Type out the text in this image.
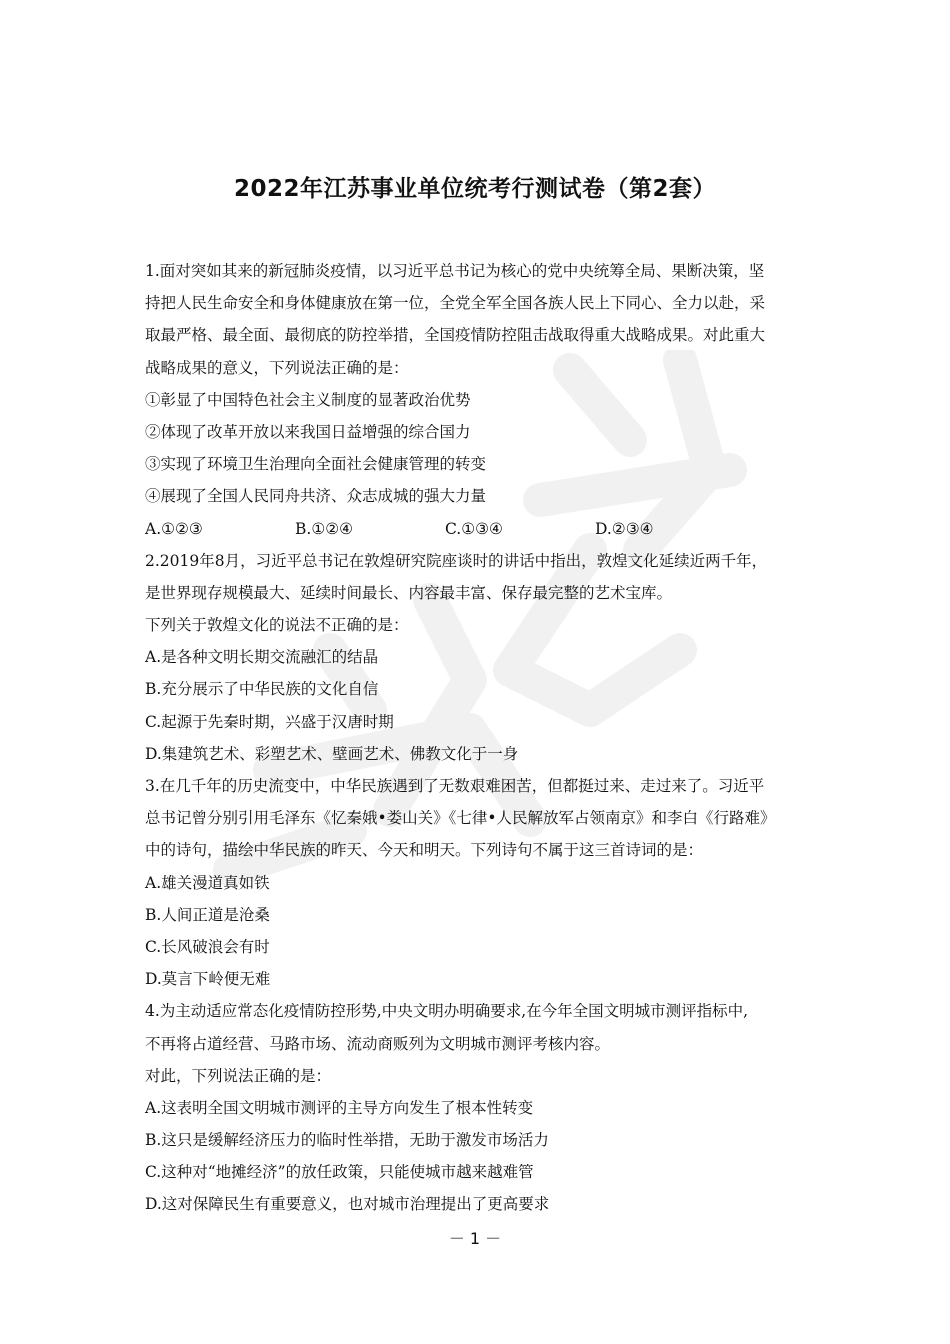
2022年江苏事业单位统考行测试卷（第2套）
1.面对突如其来的新冠肺炎疫情，以习近平总书记为核心的党中央统筹全局、果断决策，坚
持把人民生命安全和身体健康放在第一位，全党全军全国各族人民上下同心、全力以赴，采
取最严格、最全面、最彻底的防控举措，全国疫情防控阻击战取得重大战略成果。对此重大
战略成果的意义，下列说法正确的是：
①彰显了中国特色社会主义制度的显著政治优势
②体现了改革开放以来我国日益增强的综合国力
③实现了环境卫生治理向全面社会健康管理的转变
④展现了全国人民同舟共济、众志成城的强大力量
A.①②③	B.①②④	C.①③④	D.②③④
2.2019年8月，习近平总书记在敦煌研究院座谈时的讲话中指出，敦煌文化延续近两千年，
是世界现存规模最大、延续时间最长、内容最丰富、保存最完整的艺术宝库。
下列关于敦煌文化的说法不正确的是：
A.是各种文明长期交流融汇的结晶
B.充分展示了中华民族的文化自信
C.起源于先秦时期，兴盛于汉唐时期
D.集建筑艺术、彩塑艺术、壁画艺术、佛教文化于一身
3.在几千年的历史流变中，中华民族遇到了无数艰难困苦，但都挺过来、走过来了。习近平
总书记曾分别引用毛泽东《忆秦娥•娄山关》《七律•人民解放军占领南京》和李白《行路难》
中的诗句，描绘中华民族的昨天、今天和明天。下列诗句不属于这三首诗词的是：
A.雄关漫道真如铁
B.人间正道是沧桑
C.长风破浪会有时
D.莫言下岭便无难
4.为主动适应常态化疫情防控形势,中央文明办明确要求,在今年全国文明城市测评指标中,
不再将占道经营、马路市场、流动商贩列为文明城市测评考核内容。
对此，下列说法正确的是：
A.这表明全国文明城市测评的主导方向发生了根本性转变
B.这只是缓解经济压力的临时性举措，无助于激发市场活力
C.这种对“地摊经济”的放任政策，只能使城市越来越难管
D.这对保障民生有重要意义，也对城市治理提出了更高要求
－ 1 －
